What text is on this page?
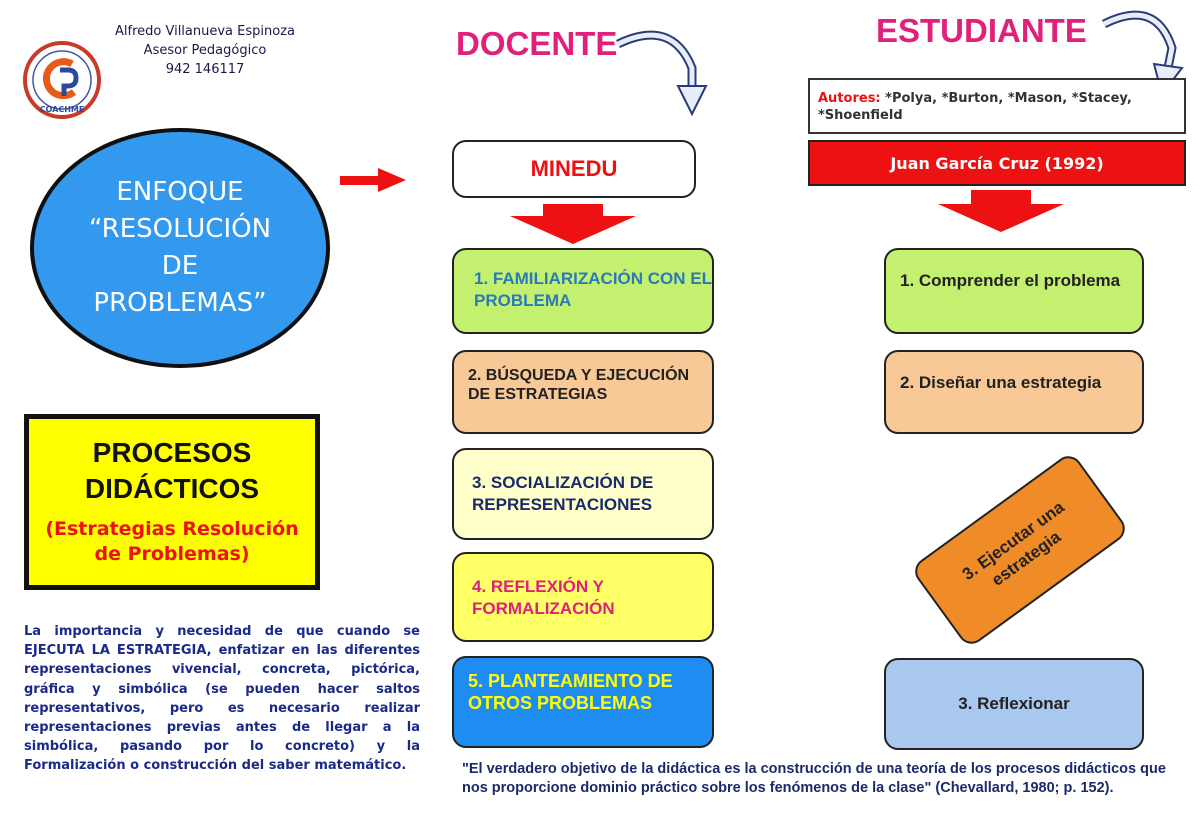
Alfredo Villanueva Espinoza
Asesor Pedagógico
942 146117
COACHME
ENFOQUE
“RESOLUCIÓN
DE
PROBLEMAS”
PROCESOS
DIDÁCTICOS
(Estrategias Resolución
de Problemas)
La importancia y necesidad de que cuando se EJECUTA LA ESTRATEGIA, enfatizar en las diferentes representaciones vivencial, concreta, pictórica, gráfica y simbólica (se pueden hacer saltos representativos, pero es necesario realizar representaciones previas antes de llegar a la simbólica, pasando por lo concreto) y la Formalización o construcción del saber matemático.
DOCENTE	ESTUDIANTE
MINEDU
Autores: *Polya, *Burton, *Mason, *Stacey, *Shoenfield
Juan García Cruz (1992)
1. FAMILIARIZACIÓN CON EL PROBLEMA
2. BÚSQUEDA Y EJECUCIÓN DE ESTRATEGIAS
3. SOCIALIZACIÓN DE REPRESENTACIONES
4. REFLEXIÓN Y FORMALIZACIÓN
5. PLANTEAMIENTO DE OTROS PROBLEMAS
1. Comprender el problema
2. Diseñar una estrategia
3. Ejecutar una estrategia
3. Reflexionar
"El verdadero objetivo de la didáctica es la construcción de una teoría de los procesos didácticos que nos proporcione dominio práctico sobre los fenómenos de la clase" (Chevallard, 1980; p. 152).
